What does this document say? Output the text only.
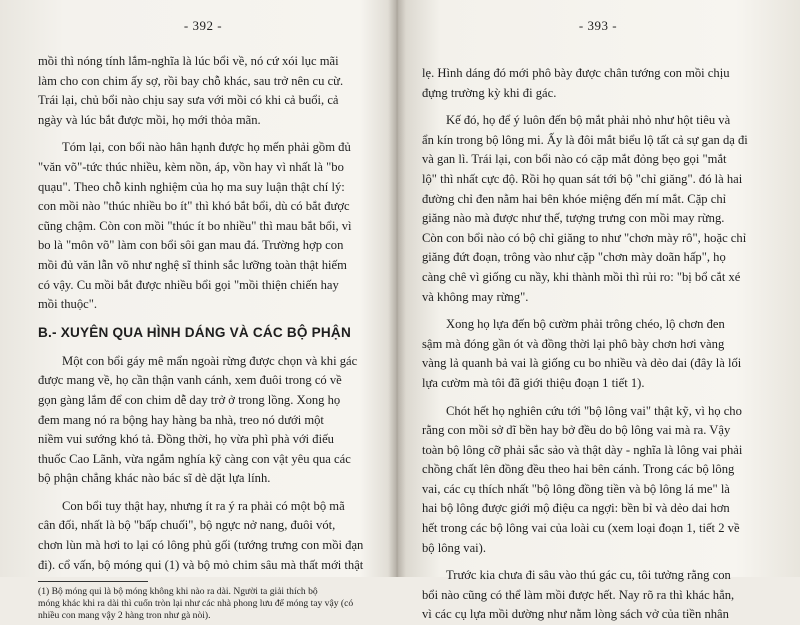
- 392 -
mồi thì nóng tính lắm-nghĩa là lúc bổi về, nó cứ xói lục mãi
làm cho con chim ấy sợ, rồi bay chỗ khác, sau trở nên cu cừ.
Trái lại, chủ bổi nào chịu say sưa với mồi có khi cả buổi, cả
ngày và lúc bắt được mồi, họ mới thỏa mãn.
Tóm lại, con bổi nào hân hạnh được họ mến phải gồm đủ
"văn võ"-tức thúc nhiều, kèm nồn, áp, vồn hay vì nhất là "bo
quạu". Theo chỗ kinh nghiệm của họ ma suy luận thật chí lý:
con mồi nào "thúc nhiều bo ít" thì khó bắt bổi, dù có bắt được
cũng chậm. Còn con mồi "thúc ít bo nhiều" thì mau bắt bổi, vì
bo là "môn võ" làm con bổi sôi gan mau đá. Trường hợp con
mồi đủ văn lẫn võ như nghệ sĩ thinh sắc lưỡng toàn thật hiếm
có vậy. Cu mồi bắt được nhiều bổi gọi "mồi thiện chiến hay
mồi thuộc".
B.- XUYÊN QUA HÌNH DÁNG VÀ CÁC BỘ PHẬN
Một con bổi gáy mê mẩn ngoài rừng được chọn và khi gác
được mang về, họ cần thận vanh cánh, xem đuôi trong có về
gọn gàng lắm để con chim dễ day trở ở trong lồng. Xong họ
đem mang nó ra bộng hay hàng ba nhà, treo nó dưới một
niềm vui sướng khó tả. Đồng thời, họ vừa phì phà với điếu
thuốc Cao Lãnh, vừa ngắm nghía kỹ càng con vật yêu qua các
bộ phận chẳng khác nào bác sĩ dè dặt lựa lính.
Con bổi tuy thật hay, nhưng ít ra ý ra phải có một bộ mã
cân đối, nhất là bộ "bấp chuối", bộ ngực nở nang, đuôi vót,
chơn lùn mà hơi to lại có lông phủ gối (tướng trưng con mồi đạn
đi). cổ vấn, bộ móng qui (1) và bộ mỏ chim sâu mà thất mới thật
(1) Bộ móng qui là bộ móng không khi nào ra dài. Người ta giải thích bộ
móng khác khi ra dài thì cuốn tròn lại như các nhà phong lưu để móng tay vậy (có
nhiều con mang vậy 2 hàng tron như gà nòi).
- 393 -
lẹ. Hình dáng đó mới phô bày được chân tướng con mồi chịu
đựng trường kỳ khi đi gác.
Kế đó, họ để ý luôn đến bộ mắt phải nhỏ như hột tiêu và
ẩn kín trong bộ lông mi. Ấy là đôi mắt biểu lộ tất cả sự gan dạ đi
và gan lì. Trái lại, con bổi nào có cặp mắt đỏng bẹo gọi "mắt
lộ" thì nhất cực độ. Rồi họ quan sát tới bộ "chỉ giăng". đó là hai
đường chỉ đen nằm hai bên khóe miệng đến mí mắt. Cặp chỉ
giăng nào mà được như thế, tượng trưng con mồi may rừng.
Còn con bổi nào có bộ chỉ giăng to như "chơn mày rô", hoặc chỉ
giăng đứt đoạn, trông vào như cặp "chơn mày doãn hấp", họ
càng chê vì giống cu nầy, khi thành mồi thì rủi ro: "bị bổ cắt xé
và không may rừng".
Xong họ lựa đến bộ cườm phải trông chéo, lộ chơn đen
sậm mà đóng gần ót và đồng thời lại phô bày chơn hơi vàng
vàng lả quanh bả vai là giống cu bo nhiều và dẻo dai (đây là lối
lựa cườm mà tôi đã giới thiệu đoạn 1 tiết 1).
Chót hết họ nghiên cứu tới "bộ lông vai" thật kỹ, vì họ cho
rằng con mồi sở dĩ bền hay bở đều do bộ lông vai mà ra. Vậy
toàn bộ lông cỡ phải sắc sảo và thật dày - nghĩa là lông vai phải
chồng chất lên đồng đều theo hai bên cánh. Trong các bộ lông
vai, các cụ thích nhất "bộ lông đồng tiền và bộ lông lá me" là
hai bộ lông được giới mộ điệu ca ngợi: bền bỉ và dẻo dai hơn
hết trong các bộ lông vai của loài cu (xem loại đoạn 1, tiết 2 về
bộ lông vai).
Trước kia chưa đi sâu vào thú gác cu, tôi tưởng rằng con
bổi nào cũng có thể làm mồi được hết. Nay rõ ra thì khác hẳn,
vì các cụ lựa mồi dường như nằm lòng sách vở của tiền nhân
